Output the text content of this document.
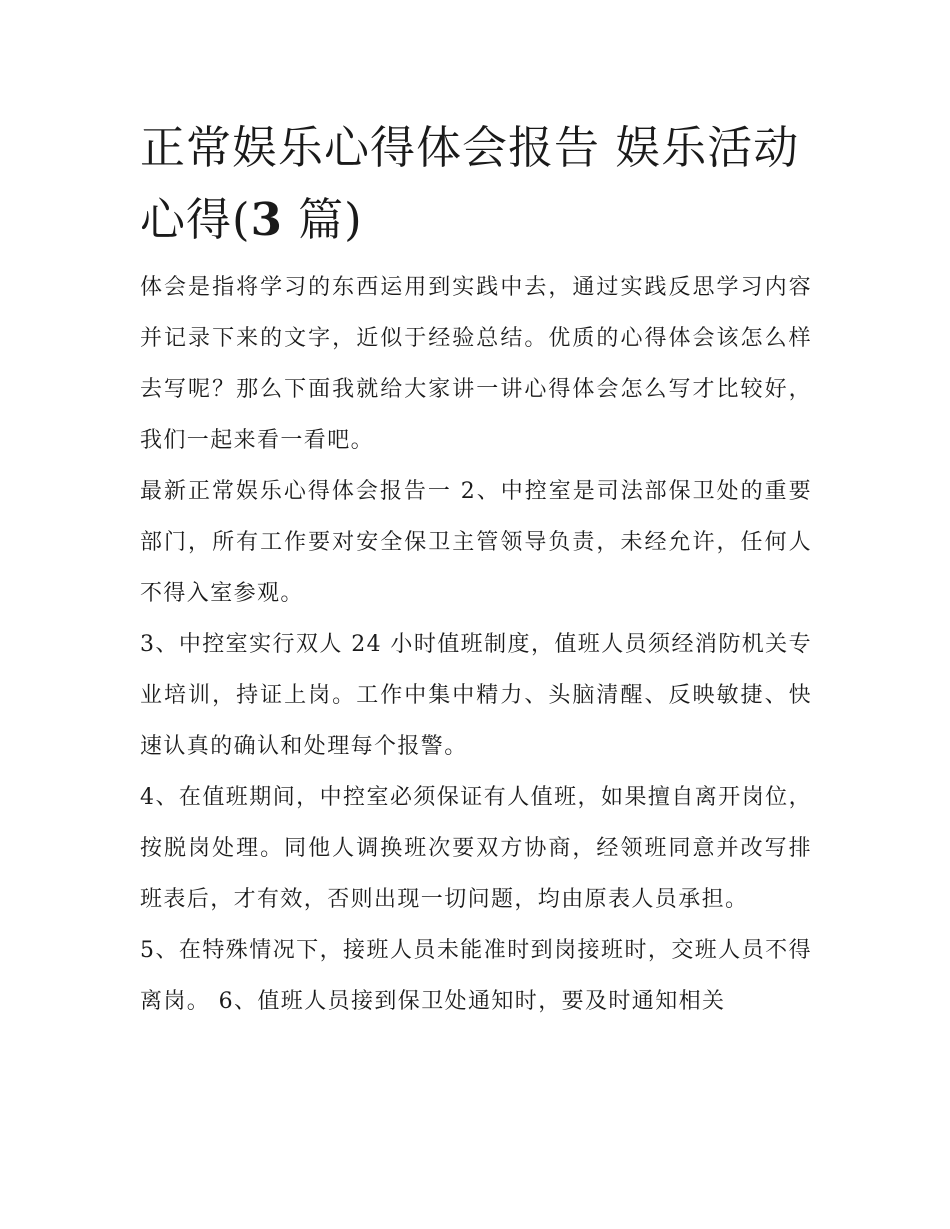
正常娱乐心得体会报告 娱乐活动心得(3 篇)

体会是指将学习的东西运用到实践中去，通过实践反思学习内容并记录下来的文字，近似于经验总结。优质的心得体会该怎么样去写呢？那么下面我就给大家讲一讲心得体会怎么写才比较好，我们一起来看一看吧。

最新正常娱乐心得体会报告一 2、中控室是司法部保卫处的重要部门，所有工作要对安全保卫主管领导负责，未经允许，任何人不得入室参观。

3、中控室实行双人 24 小时值班制度，值班人员须经消防机关专业培训，持证上岗。工作中集中精力、头脑清醒、反映敏捷、快速认真的确认和处理每个报警。

4、在值班期间，中控室必须保证有人值班，如果擅自离开岗位，按脱岗处理。同他人调换班次要双方协商，经领班同意并改写排班表后，才有效，否则出现一切问题，均由原表人员承担。

5、在特殊情况下，接班人员未能准时到岗接班时，交班人员不得离岗。 6、值班人员接到保卫处通知时，要及时通知相关
